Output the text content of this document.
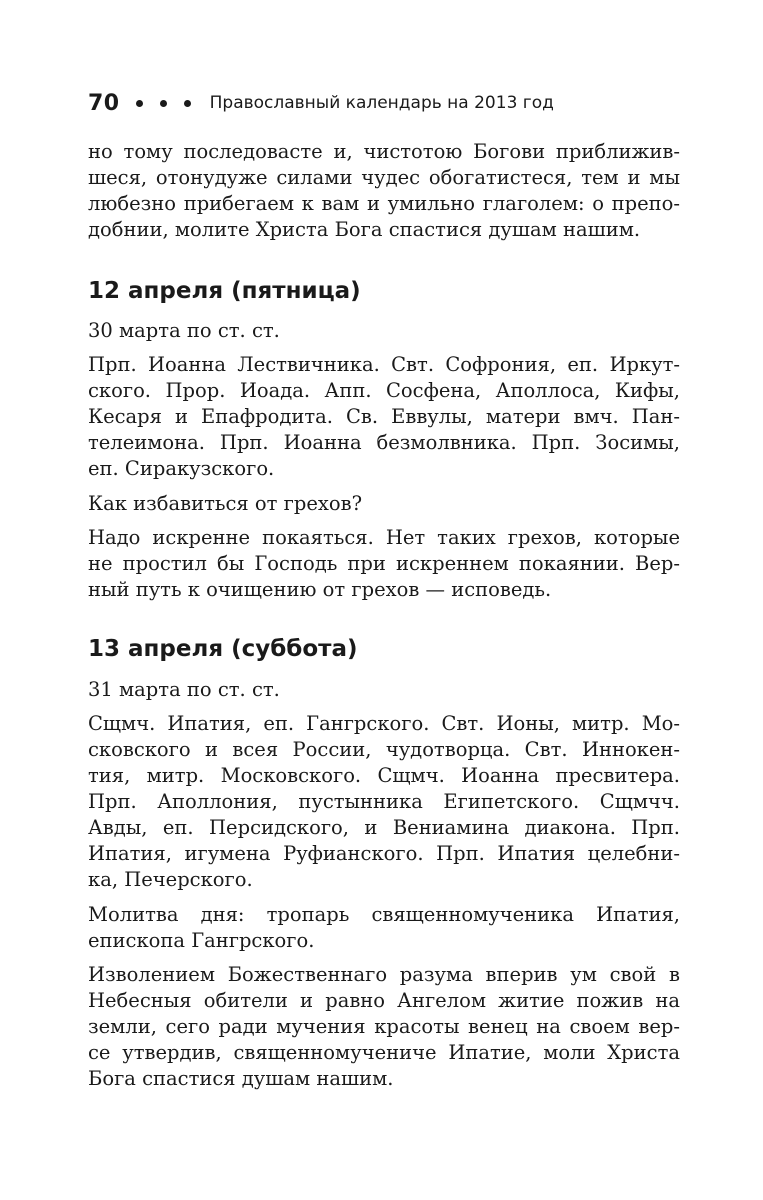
70	Православный календарь на 2013 год
но тому последовасте и, чистотою Богови приближив-
шеся, отонудуже силами чудес обогатистеся, тем и мы
любезно прибегаем к вам и умильно глаголем: о препо-
добнии, молите Христа Бога спастися душам нашим.
12 апреля (пятница)
30 марта по ст. ст.
Прп. Иоанна Лествичника. Свт. Софрония, еп. Иркут-
ского. Прор. Иоада. Апп. Сосфена, Аполлоса, Кифы,
Кесаря и Епафродита. Св. Еввулы, матери вмч. Пан-
телеимона. Прп. Иоанна безмолвника. Прп. Зосимы,
еп. Сиракузского.
Как избавиться от грехов?
Надо искренне покаяться. Нет таких грехов, которые
не простил бы Господь при искреннем покаянии. Вер-
ный путь к очищению от грехов — исповедь.
13 апреля (суббота)
31 марта по ст. ст.
Сщмч. Ипатия, еп. Гангрского. Свт. Ионы, митр. Мо-
сковского и всея России, чудотворца. Свт. Иннокен-
тия, митр. Московского. Сщмч. Иоанна пресвитера.
Прп. Аполлония, пустынника Египетского. Сщмчч.
Авды, еп. Персидского, и Вениамина диакона. Прп.
Ипатия, игумена Руфианского. Прп. Ипатия целебни-
ка, Печерского.
Молитва дня: тропарь священномученика Ипатия,
епископа Гангрского.
Изволением Божественнаго разума вперив ум свой в
Небесныя обители и равно Ангелом житие пожив на
земли, сего ради мучения красоты венец на своем вер-
се утвердив, священномучениче Ипатие, моли Христа
Бога спастися душам нашим.
